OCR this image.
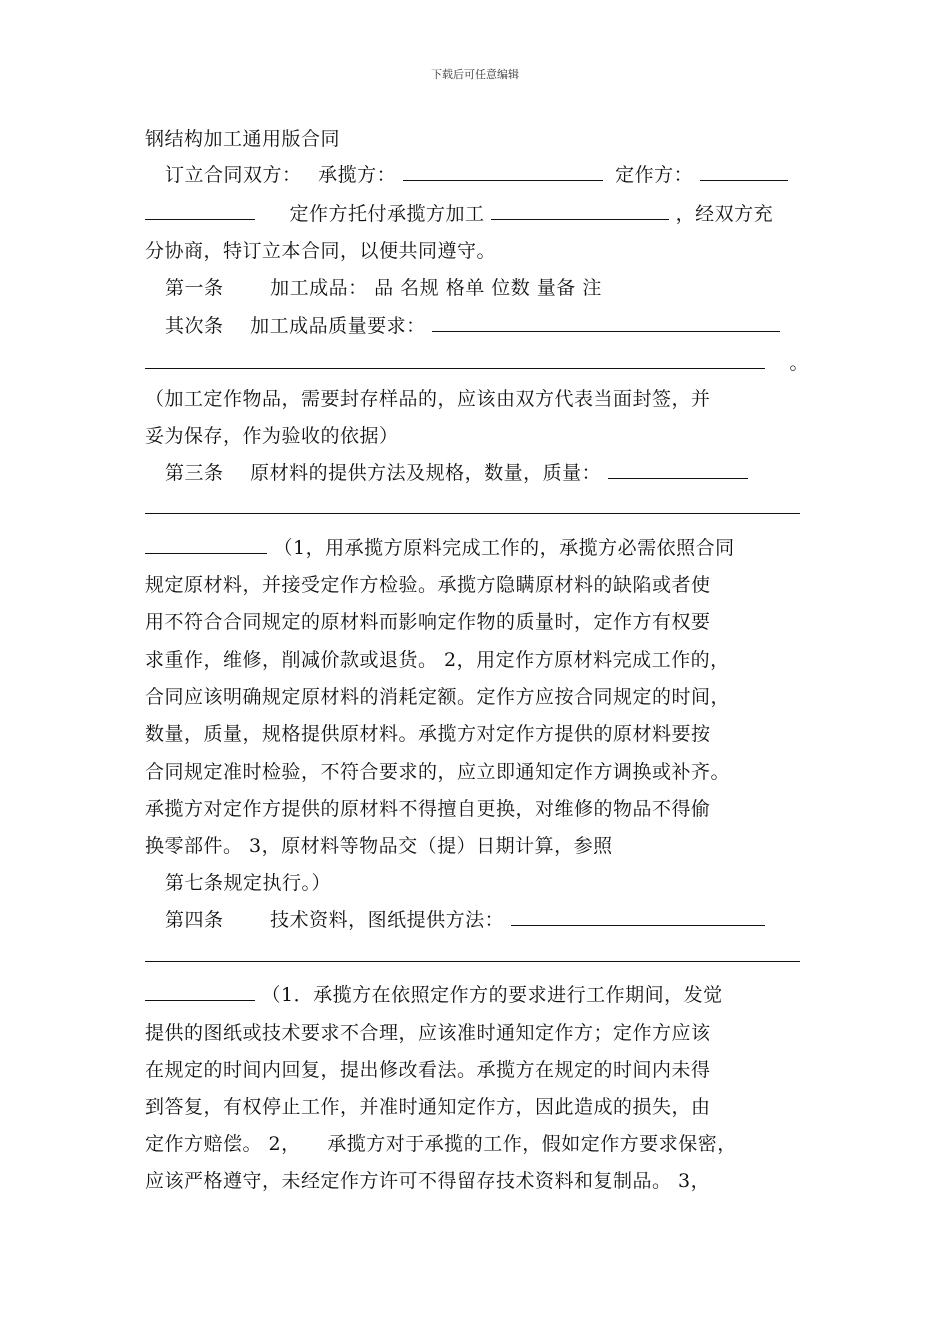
下载后可任意编辑
钢结构加工通用版合同
订立合同双方： 承揽方：	定作方：
定作方托付承揽方加工	，经双方充
分协商，特订立本合同，以便共同遵守。
第一条 加工成品： 品 名规 格单 位数 量备 注
其次条 加工成品质量要求：
。
（加工定作物品，需要封存样品的，应该由双方代表当面封签，并
妥为保存，作为验收的依据）
第三条 原材料的提供方法及规格，数量，质量：
（1，用承揽方原料完成工作的，承揽方必需依照合同
规定原材料，并接受定作方检验。承揽方隐瞒原材料的缺陷或者使
用不符合合同规定的原材料而影响定作物的质量时，定作方有权要
求重作，维修，削减价款或退货。 2，用定作方原材料完成工作的，
合同应该明确规定原材料的消耗定额。定作方应按合同规定的时间，
数量，质量，规格提供原材料。承揽方对定作方提供的原材料要按
合同规定准时检验，不符合要求的，应立即通知定作方调换或补齐。
承揽方对定作方提供的原材料不得擅自更换，对维修的物品不得偷
换零部件。 3，原材料等物品交（提）日期计算，参照
第七条规定执行。）
第四条 技术资料，图纸提供方法：
（1．承揽方在依照定作方的要求进行工作期间，发觉
提供的图纸或技术要求不合理，应该准时通知定作方；定作方应该
在规定的时间内回复，提出修改看法。承揽方在规定的时间内未得
到答复，有权停止工作，并准时通知定作方，因此造成的损失，由
定作方赔偿。 2， 承揽方对于承揽的工作，假如定作方要求保密，
应该严格遵守，未经定作方许可不得留存技术资料和复制品。 3，
